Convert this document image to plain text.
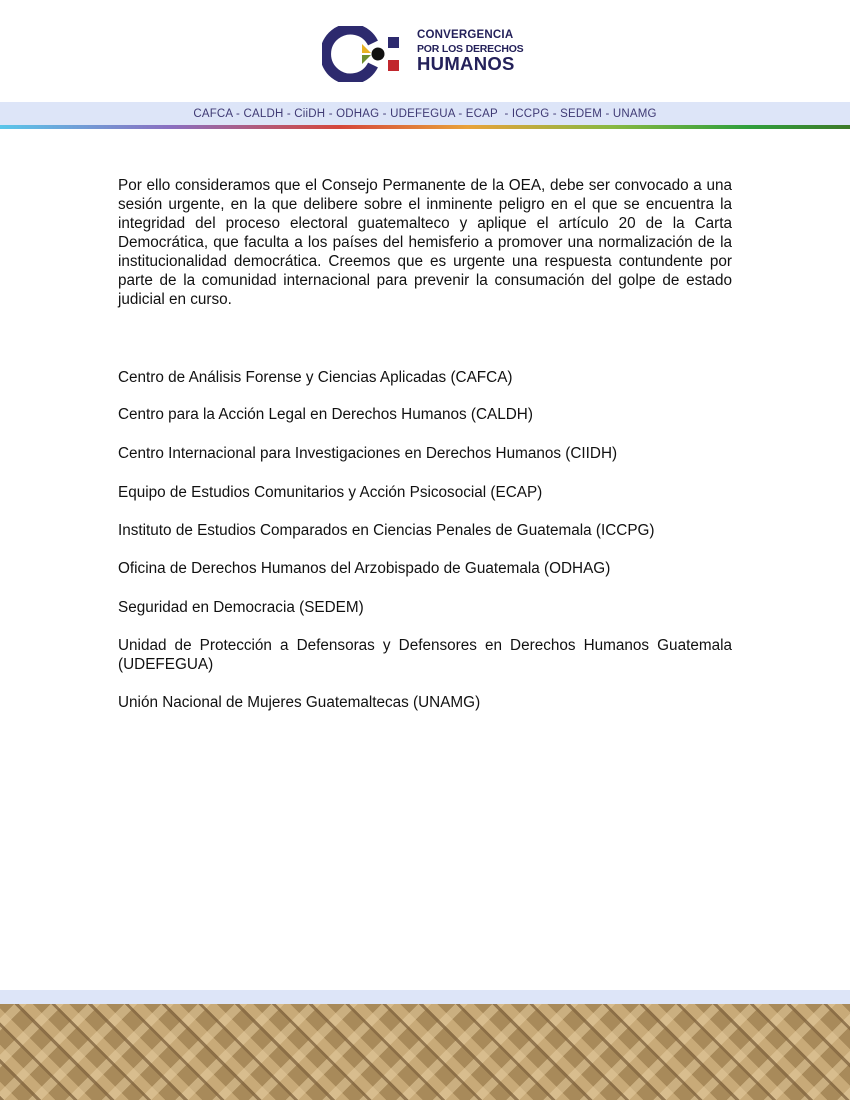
CONVERGENCIA
POR LOS DERECHOS
HUMANOS
CAFCA - CALDH - CiiDH - ODHAG - UDEFEGUA - ECAP  - ICCPG - SEDEM - UNAMG

Por ello consideramos que el Consejo Permanente de la OEA, debe ser convocado a una sesión urgente, en la que delibere sobre el inminente peligro en el que se encuentra la integridad del proceso electoral guatemalteco y aplique el artículo 20 de la Carta Democrática, que faculta a los países del hemisferio a promover una normalización de la institucionalidad democrática. Creemos que es urgente una respuesta contundente por parte de la comunidad internacional para prevenir la consumación del golpe de estado judicial en curso.

Centro de Análisis Forense y Ciencias Aplicadas (CAFCA)
Centro para la Acción Legal en Derechos Humanos (CALDH)
Centro Internacional para Investigaciones en Derechos Humanos (CIIDH)
Equipo de Estudios Comunitarios y Acción Psicosocial (ECAP)
Instituto de Estudios Comparados en Ciencias Penales de Guatemala (ICCPG)
Oficina de Derechos Humanos del Arzobispado de Guatemala (ODHAG)
Seguridad en Democracia (SEDEM)
Unidad de Protección a Defensoras y Defensores en Derechos Humanos Guatemala (UDEFEGUA)
Unión Nacional de Mujeres Guatemaltecas (UNAMG)
